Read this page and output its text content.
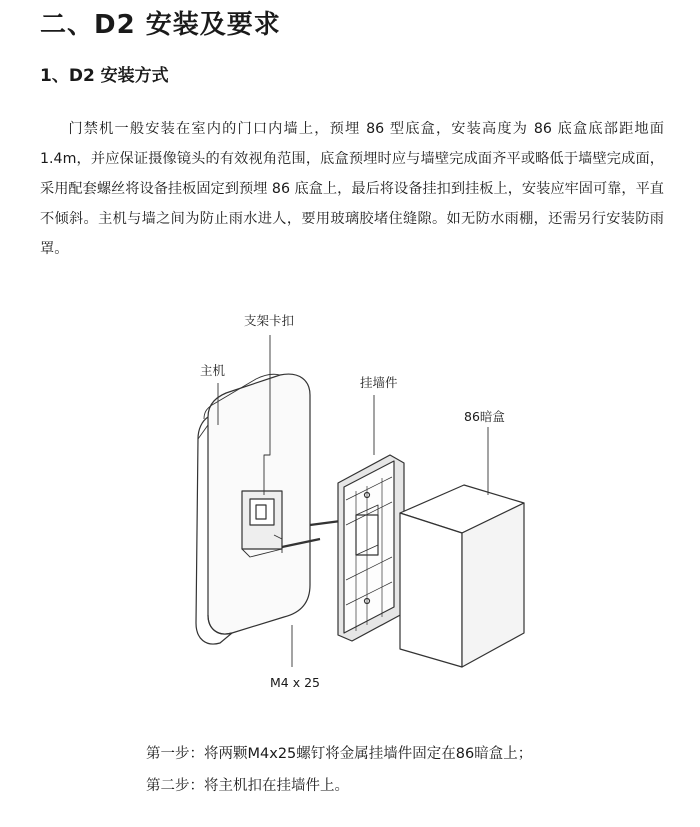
二、D2 安装及要求
1、D2 安装方式

门禁机一般安装在室内的门口内墙上，预埋 86 型底盒，安装高度为 86 底盒底部距地面 1.4m，并应保证摄像镜头的有效视角范围，底盒预埋时应与墙壁完成面齐平或略低于墙壁完成面，采用配套螺丝将设备挂板固定到预埋 86 底盒上，最后将设备挂扣到挂板上，安装应牢固可靠，平直不倾斜。主机与墙之间为防止雨水进人，要用玻璃胶堵住缝隙。如无防水雨棚，还需另行安装防雨罩。

支架卡扣
主机
挂墙件
86暗盒
M4 x 25
第一步：将两颗M4x25螺钉将金属挂墙件固定在86暗盒上；
第二步：将主机扣在挂墙件上。
